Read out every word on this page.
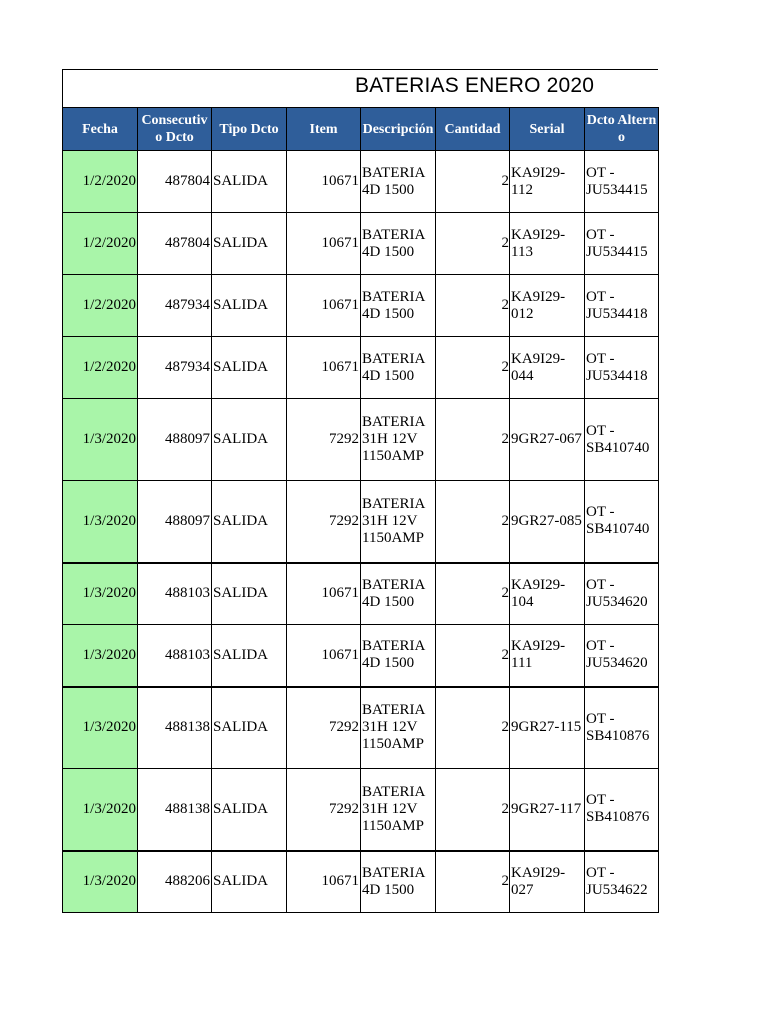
BATERIAS ENERO 2020
Fecha	Consecutivo Dcto	Tipo Dcto	Item	Descripción	Cantidad	Serial	Dcto Alterno
1/2/2020	487804	SALIDA	10671	BATERIA 4D 1500	2	KA9I29-112	OT - JU534415
1/2/2020	487804	SALIDA	10671	BATERIA 4D 1500	2	KA9I29-113	OT - JU534415
1/2/2020	487934	SALIDA	10671	BATERIA 4D 1500	2	KA9I29-012	OT - JU534418
1/2/2020	487934	SALIDA	10671	BATERIA 4D 1500	2	KA9I29-044	OT - JU534418
1/3/2020	488097	SALIDA	7292	BATERIA 31H 12V 1150AMP	2	9GR27-067	OT - SB410740
1/3/2020	488097	SALIDA	7292	BATERIA 31H 12V 1150AMP	2	9GR27-085	OT - SB410740
1/3/2020	488103	SALIDA	10671	BATERIA 4D 1500	2	KA9I29-104	OT - JU534620
1/3/2020	488103	SALIDA	10671	BATERIA 4D 1500	2	KA9I29-111	OT - JU534620
1/3/2020	488138	SALIDA	7292	BATERIA 31H 12V 1150AMP	2	9GR27-115	OT - SB410876
1/3/2020	488138	SALIDA	7292	BATERIA 31H 12V 1150AMP	2	9GR27-117	OT - SB410876
1/3/2020	488206	SALIDA	10671	BATERIA 4D 1500	2	KA9I29-027	OT - JU534622
